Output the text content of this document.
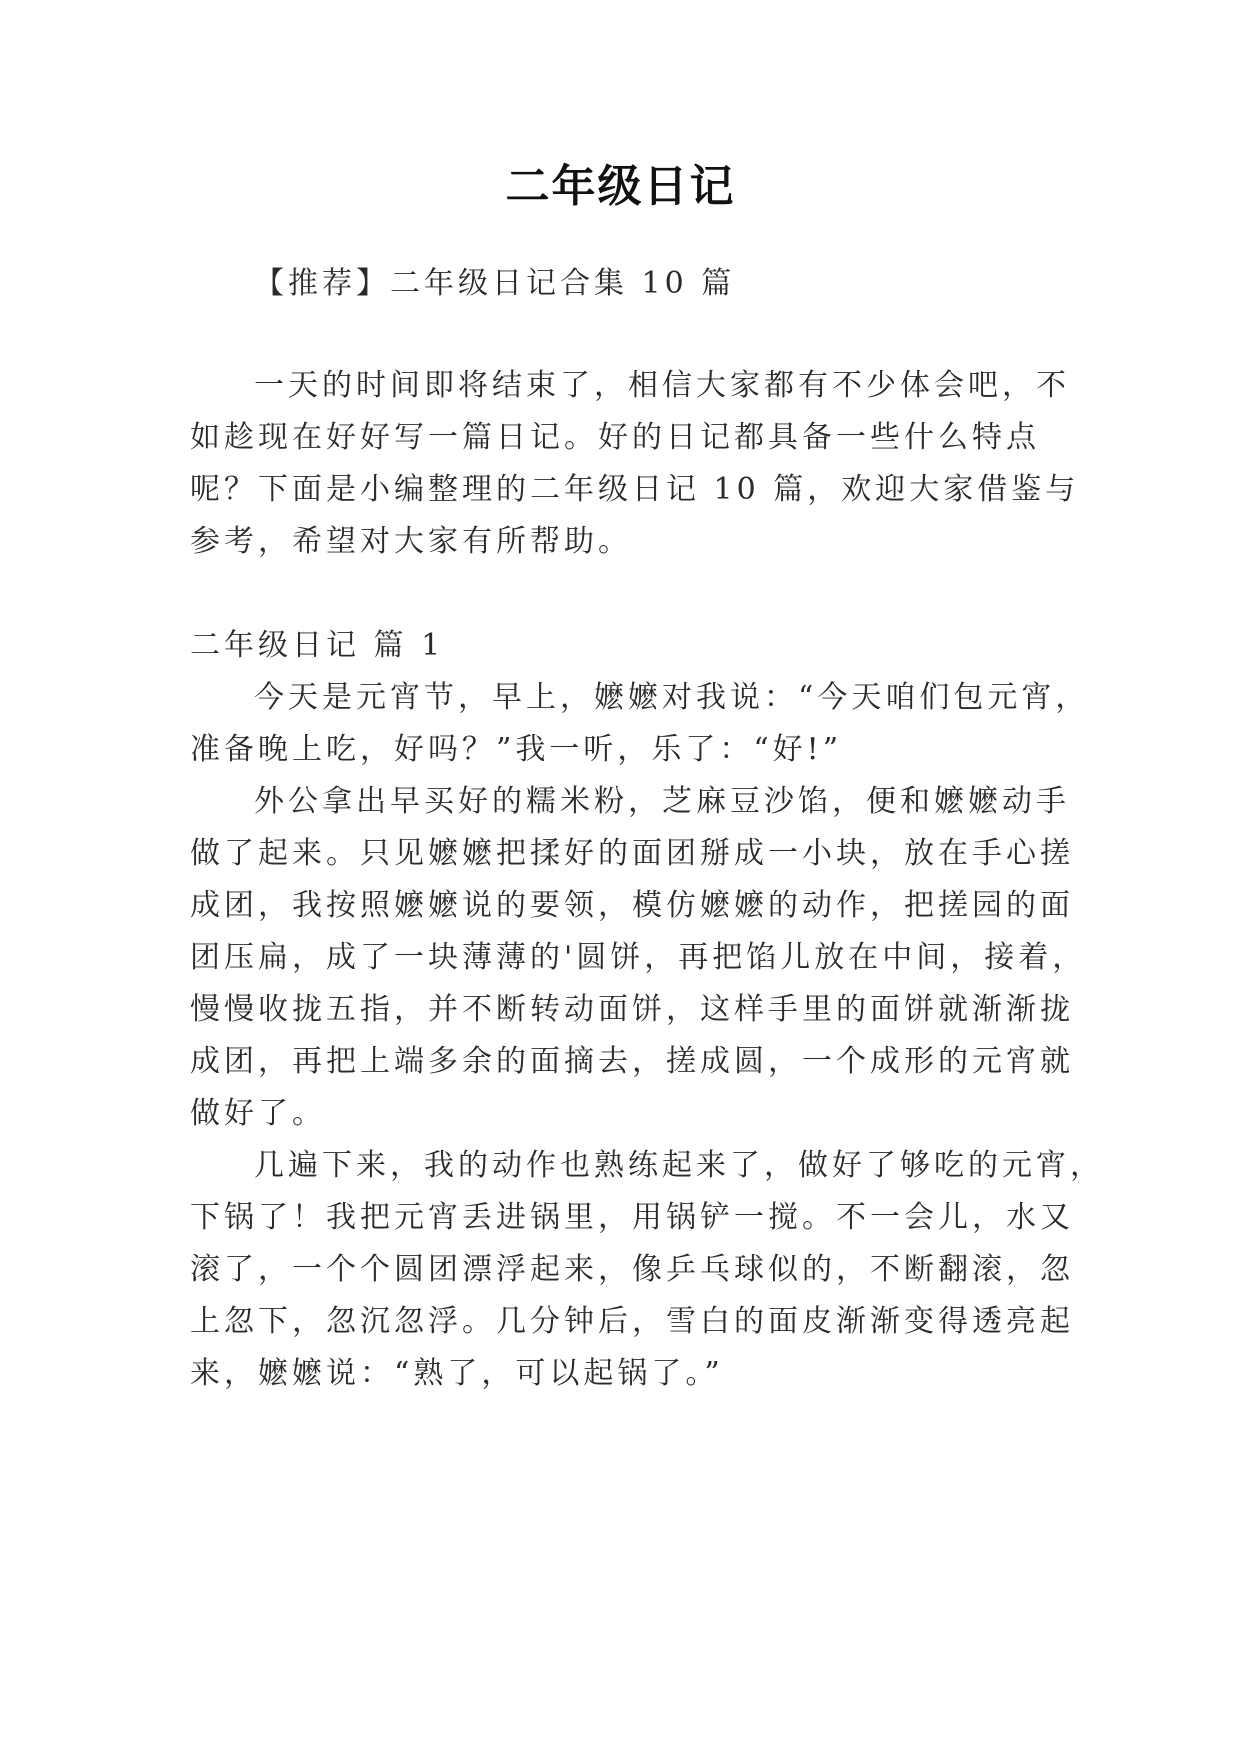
二年级日记
【推荐】二年级日记合集 10 篇
一天的时间即将结束了，相信大家都有不少体会吧，不
如趁现在好好写一篇日记。好的日记都具备一些什么特点
呢？下面是小编整理的二年级日记 10 篇，欢迎大家借鉴与
参考，希望对大家有所帮助。
二年级日记 篇 1
今天是元宵节，早上，嬷嬷对我说：“今天咱们包元宵，
准备晚上吃，好吗？”我一听，乐了：“好!”
外公拿出早买好的糯米粉，芝麻豆沙馅，便和嬷嬷动手
做了起来。只见嬷嬷把揉好的面团掰成一小块，放在手心搓
成团，我按照嬷嬷说的要领，模仿嬷嬷的动作，把搓园的面
团压扁，成了一块薄薄的'圆饼，再把馅儿放在中间，接着，
慢慢收拢五指，并不断转动面饼，这样手里的面饼就渐渐拢
成团，再把上端多余的面摘去，搓成圆，一个成形的元宵就
做好了。
几遍下来，我的动作也熟练起来了，做好了够吃的元宵，
下锅了！我把元宵丢进锅里，用锅铲一搅。不一会儿，水又
滚了，一个个圆团漂浮起来，像乒乓球似的，不断翻滚，忽
上忽下，忽沉忽浮。几分钟后，雪白的面皮渐渐变得透亮起
来，嬷嬷说：“熟了，可以起锅了。”
